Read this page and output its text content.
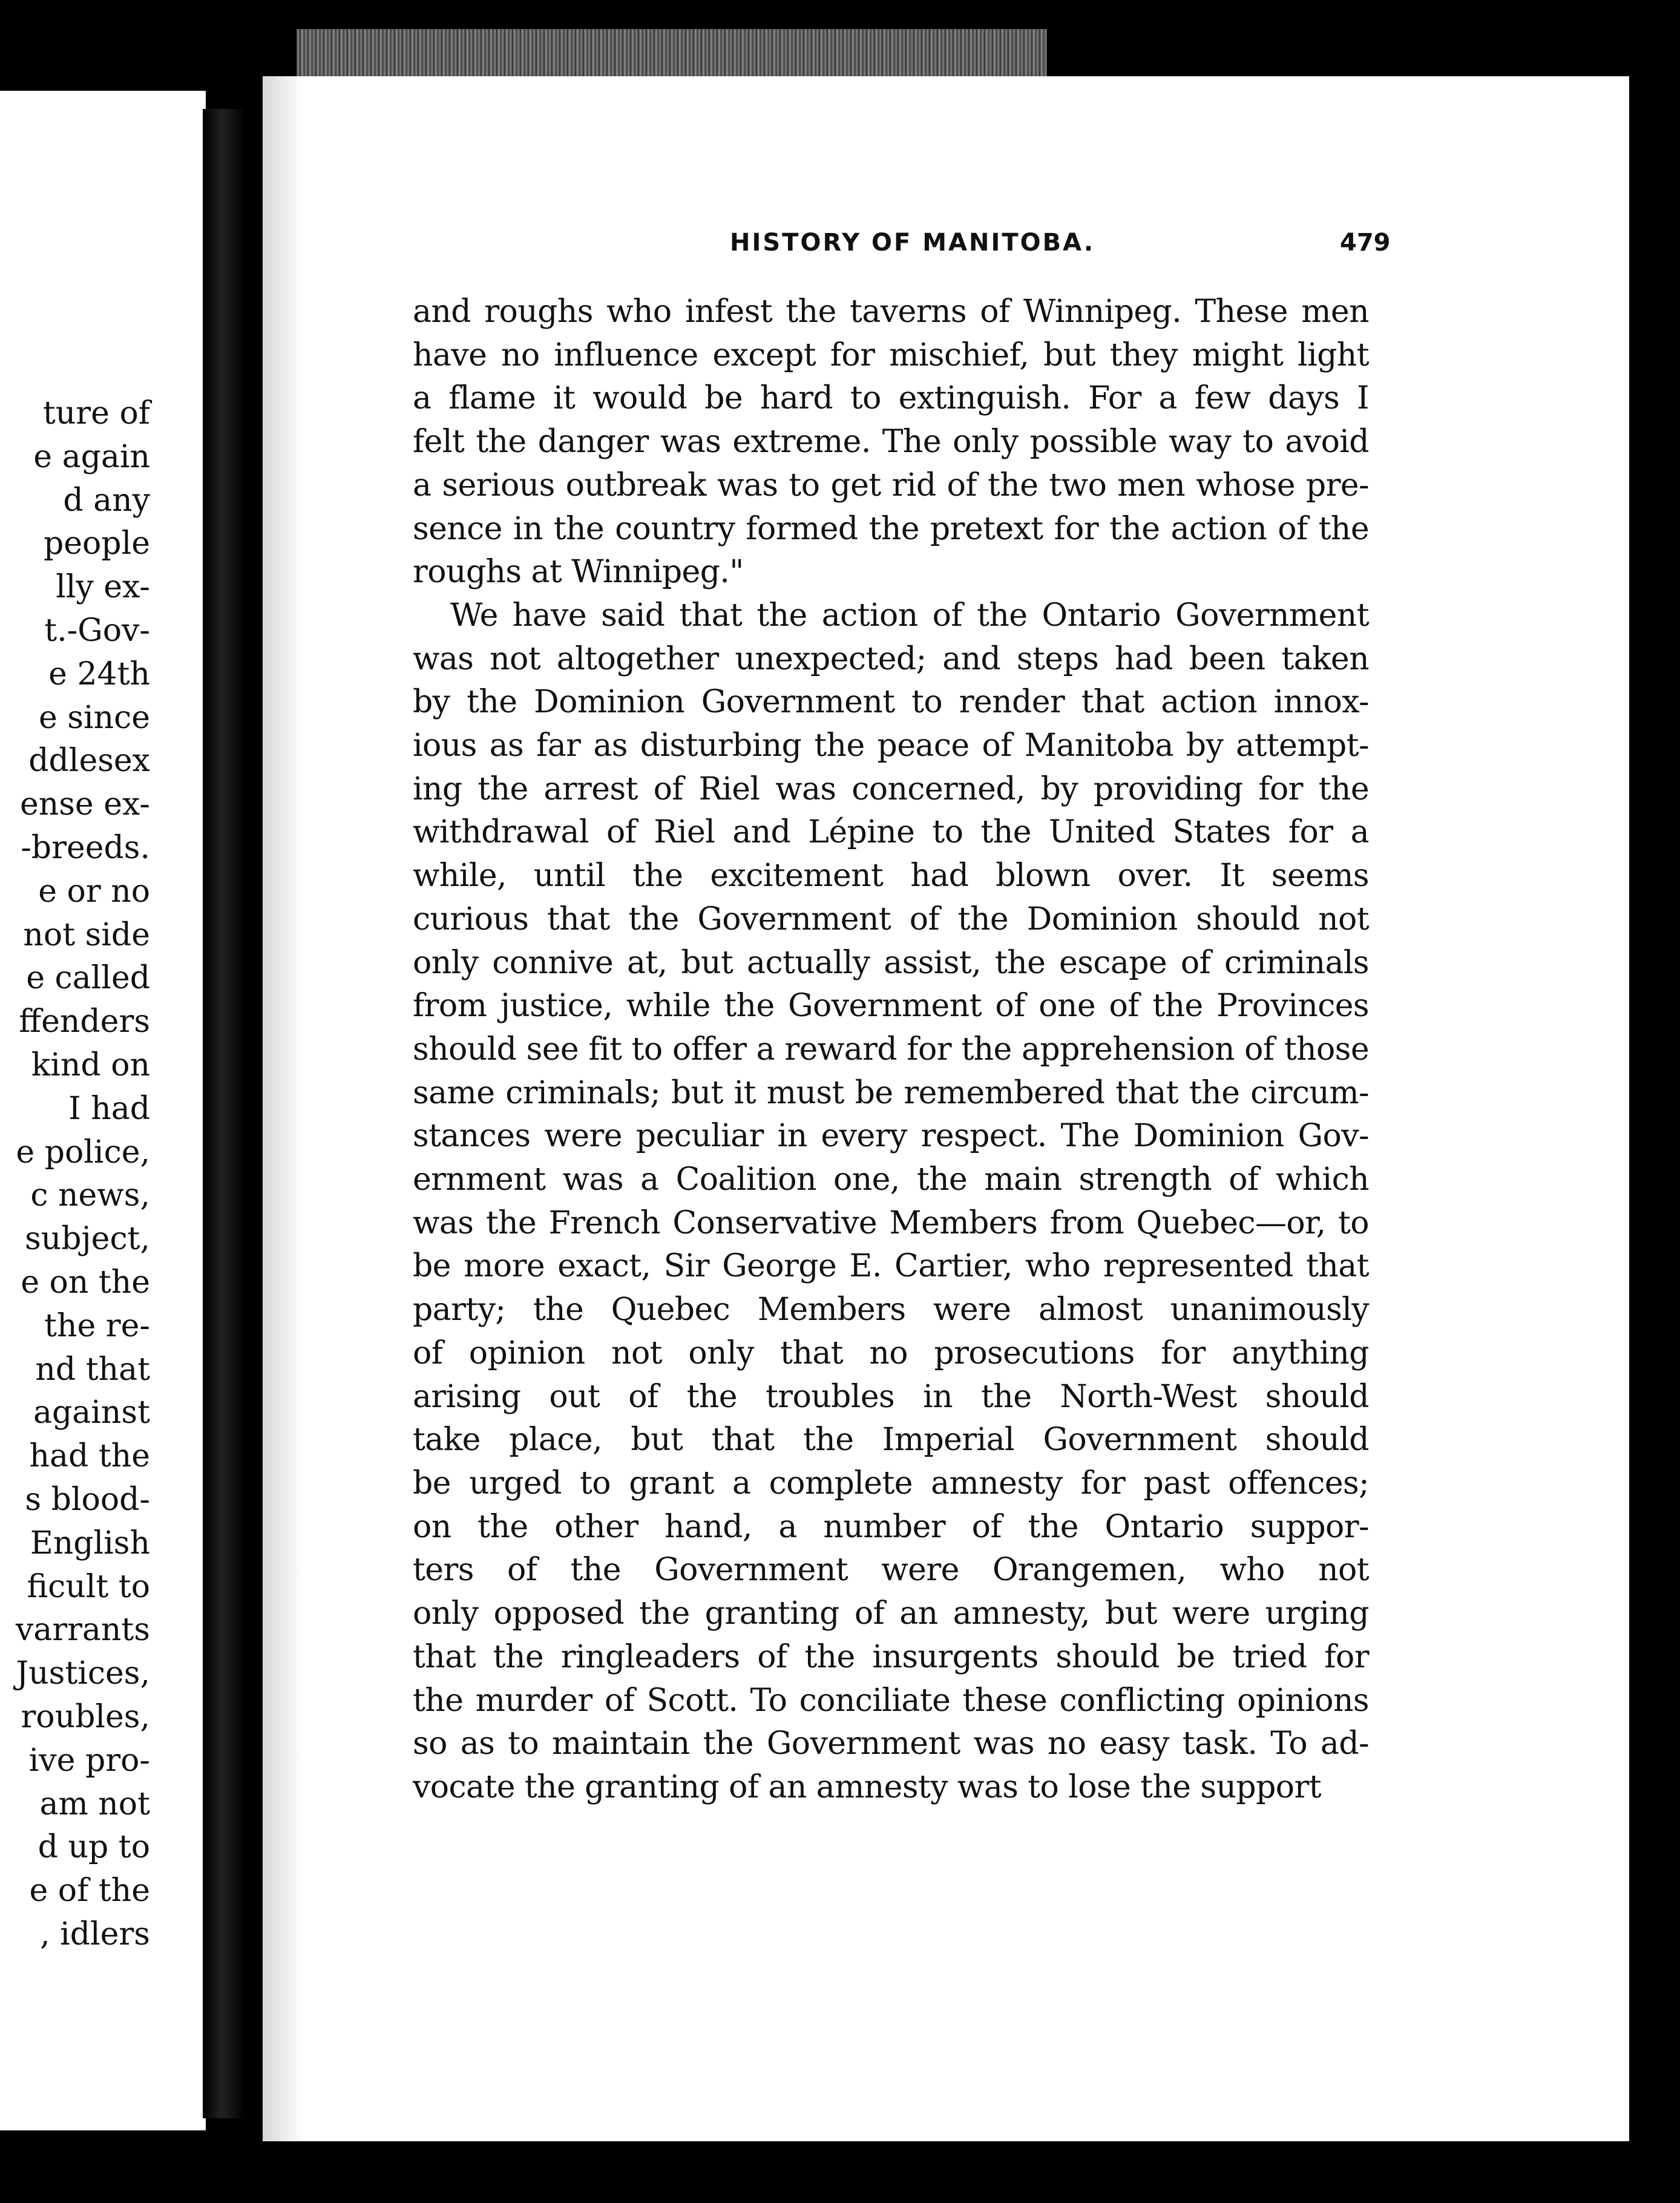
ture of
e again
d any
people
lly ex-
t.-Gov-
e 24th
e since
ddlesex
ense ex-
-breeds.
e or no
not side
e called
ffenders
kind on
I had
e police,
c news,
subject,
e on the
the re-
nd that
against
had the
s blood-
English
ficult to
varrants
Justices,
roubles,
ive pro-
am not
d up to
e of the
, idlers
HISTORY OF MANITOBA.	479
and roughs who infest the taverns of Winnipeg. These men
have no influence except for mischief, but they might light
a flame it would be hard to extinguish. For a few days I
felt the danger was extreme. The only possible way to avoid
a serious outbreak was to get rid of the two men whose pre-
sence in the country formed the pretext for the action of the
roughs at Winnipeg."
We have said that the action of the Ontario Government
was not altogether unexpected; and steps had been taken
by the Dominion Government to render that action innox-
ious as far as disturbing the peace of Manitoba by attempt-
ing the arrest of Riel was concerned, by providing for the
withdrawal of Riel and Lépine to the United States for a
while, until the excitement had blown over. It seems
curious that the Government of the Dominion should not
only connive at, but actually assist, the escape of criminals
from justice, while the Government of one of the Provinces
should see fit to offer a reward for the apprehension of those
same criminals; but it must be remembered that the circum-
stances were peculiar in every respect. The Dominion Gov-
ernment was a Coalition one, the main strength of which
was the French Conservative Members from Quebec—or, to
be more exact, Sir George E. Cartier, who represented that
party; the Quebec Members were almost unanimously
of opinion not only that no prosecutions for anything
arising out of the troubles in the North-West should
take place, but that the Imperial Government should
be urged to grant a complete amnesty for past offences;
on the other hand, a number of the Ontario suppor-
ters of the Government were Orangemen, who not
only opposed the granting of an amnesty, but were urging
that the ringleaders of the insurgents should be tried for
the murder of Scott. To conciliate these conflicting opinions
so as to maintain the Government was no easy task. To ad-
vocate the granting of an amnesty was to lose the support
